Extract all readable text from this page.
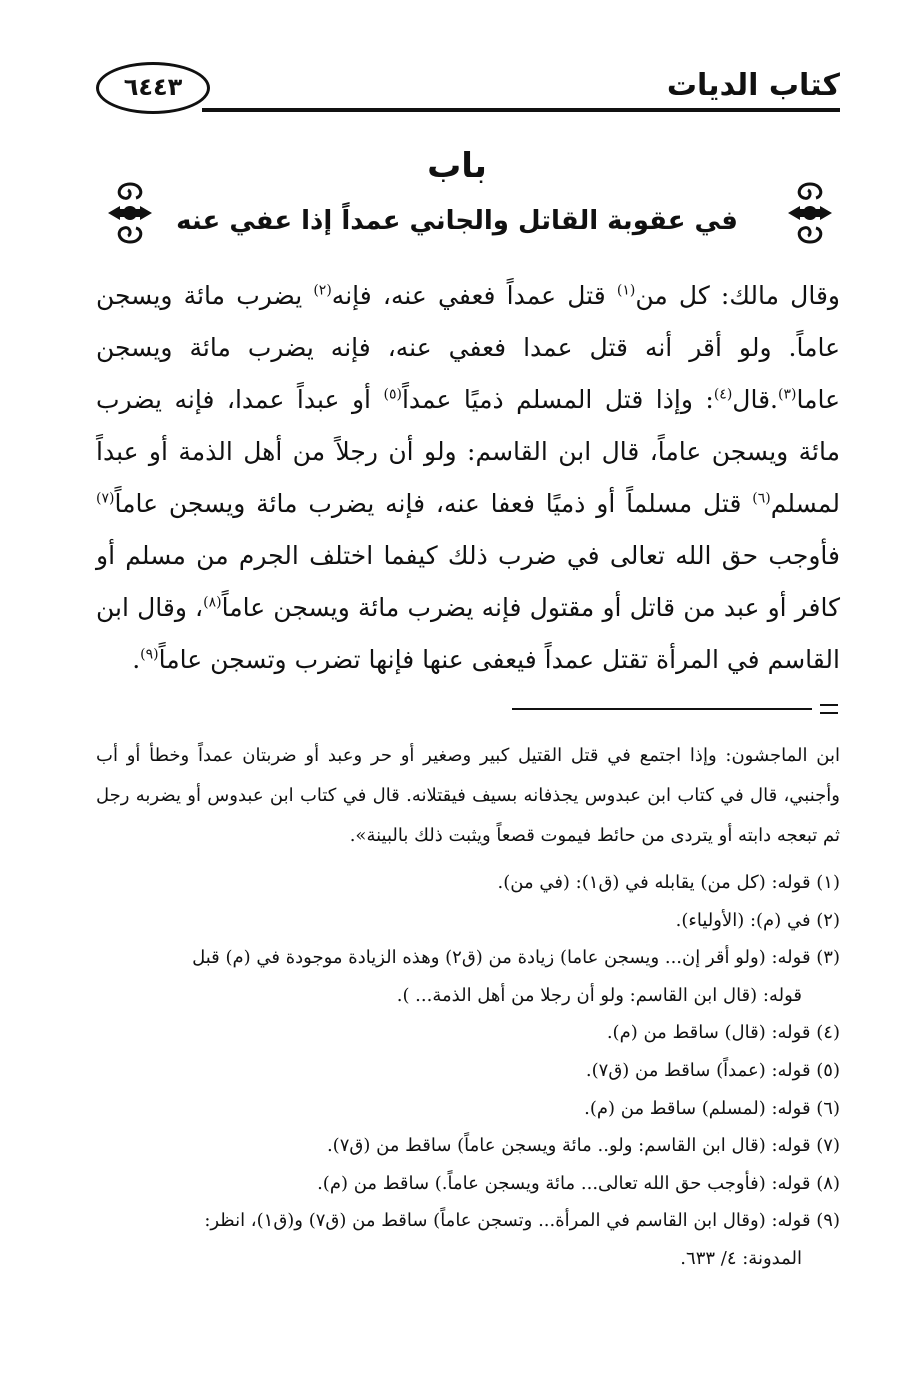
٦٤٤٣	كتاب الديات
باب
في عقوبة القاتل والجاني عمداً إذا عفي عنه
وقال مالك: كل من$^{(١)}$ قتل عمداً فعفي عنه، فإنه$^{(٢)}$ يضرب مائة ويسجن عاماً. ولو أقر أنه قتل عمدا فعفي عنه، فإنه يضرب مائة ويسجن عاما$^{(٣)}$.قال$^{(٤)}$: وإذا قتل المسلم ذميًا عمداً$^{(٥)}$ أو عبداً عمدا، فإنه يضرب مائة ويسجن عاماً، قال ابن القاسم: ولو أن رجلاً من أهل الذمة أو عبداً لمسلم$^{(٦)}$ قتل مسلماً أو ذميًا فعفا عنه، فإنه يضرب مائة ويسجن عاماً$^{(٧)}$ فأوجب حق الله تعالى في ضرب ذلك كيفما اختلف الجرم من مسلم أو كافر أو عبد من قاتل أو مقتول فإنه يضرب مائة ويسجن عاماً$^{(٨)}$، وقال ابن القاسم في المرأة تقتل عمداً فيعفى عنها فإنها تضرب وتسجن عاماً$^{(٩)}$.
ابن الماجشون: وإذا اجتمع في قتل القتيل كبير وصغير أو حر وعبد أو ضربتان عمداً وخطأ أو أب وأجنبي، قال في كتاب ابن عبدوس يجذفانه بسيف فيقتلانه. قال في كتاب ابن عبدوس أو يضربه رجل ثم تبعجه دابته أو يتردى من حائط فيموت قصعاً ويثبت ذلك بالبينة».
(١) قوله: (كل من) يقابله في (ق١): (في من).
(٢) في (م): (الأولياء).
(٣) قوله: (ولو أقر إن... ويسجن عاما) زيادة من (ق٢) وهذه الزيادة موجودة في (م) قبل
قوله: (قال ابن القاسم: ولو أن رجلا من أهل الذمة... ).
(٤) قوله: (قال) ساقط من (م).
(٥) قوله: (عمداً) ساقط من (ق٧).
(٦) قوله: (لمسلم) ساقط من (م).
(٧) قوله: (قال ابن القاسم: ولو.. مائة ويسجن عاماً) ساقط من (ق٧).
(٨) قوله: (فأوجب حق الله تعالى... مائة ويسجن عاماً.) ساقط من (م).
(٩) قوله: (وقال ابن القاسم في المرأة... وتسجن عاماً) ساقط من (ق٧) و(ق١)، انظر:
المدونة: ٤/ ٦٣٣.
